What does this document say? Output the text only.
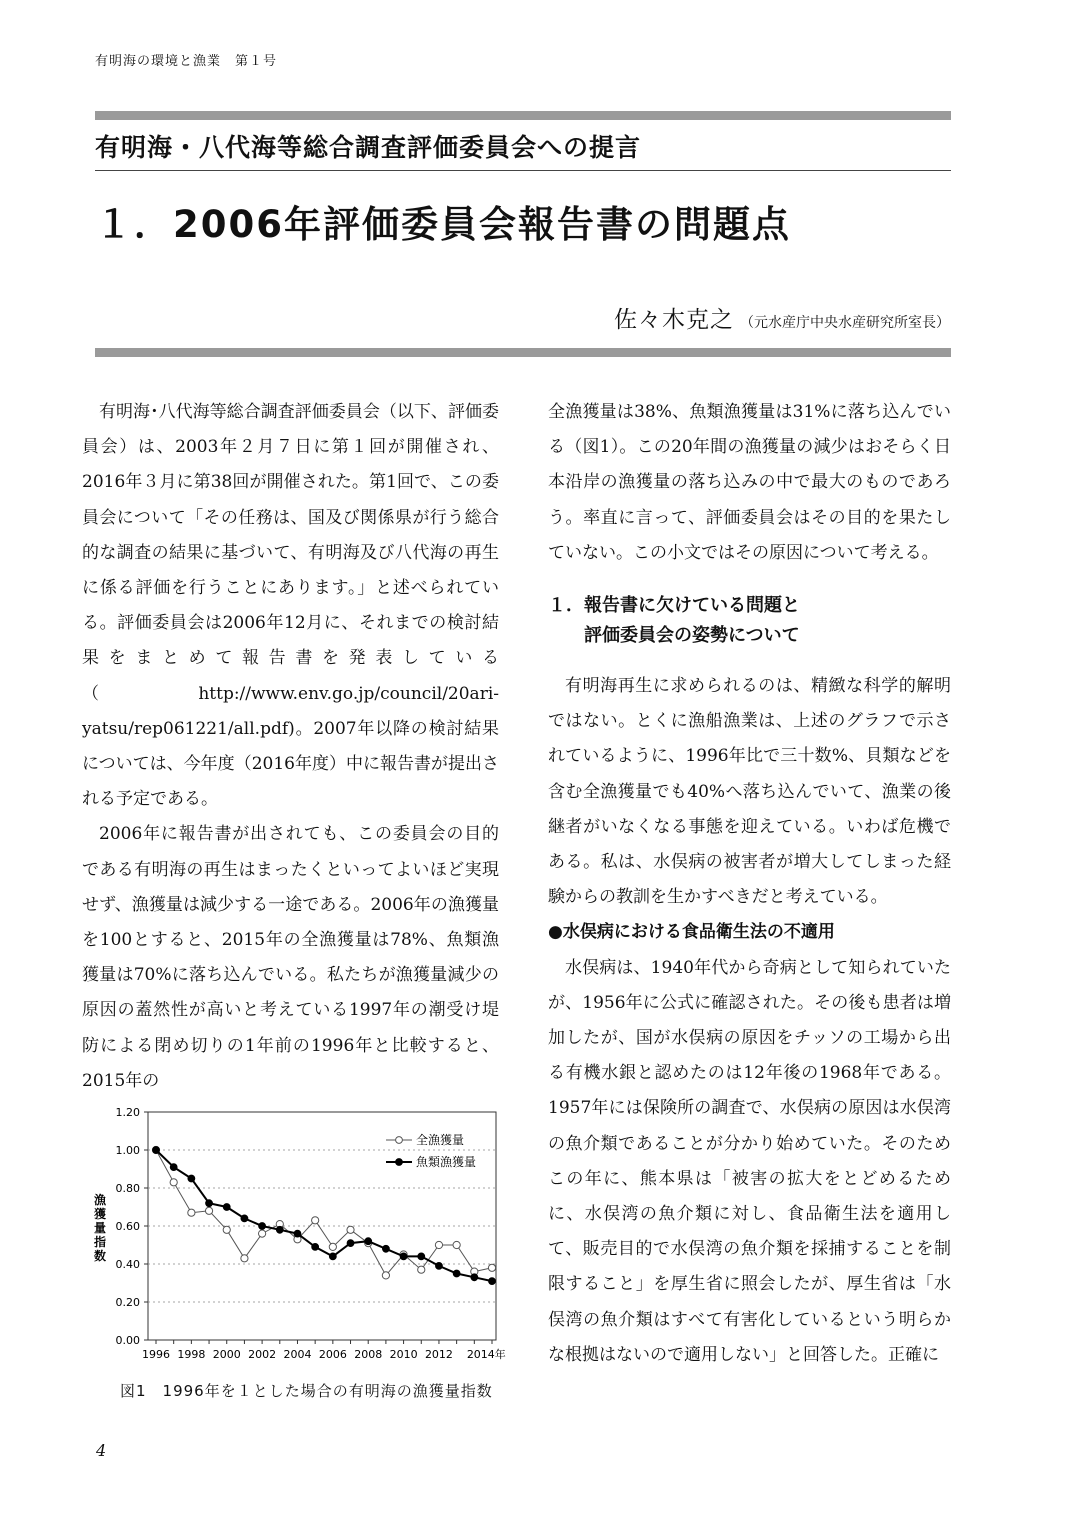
有明海の環境と漁業　第１号
有明海・八代海等総合調査評価委員会への提言
１．2006年評価委員会報告書の問題点
佐々木克之 （元水産庁中央水産研究所室長）

有明海･八代海等総合調査評価委員会（以下、評価委員会）は、2003年２月７日に第１回が開催され、2016年３月に第38回が開催された。第1回で、この委員会について「その任務は、国及び関係県が行う総合的な調査の結果に基づいて、有明海及び八代海の再生に係る評価を行うことにあります。」と述べられている。評価委員会は2006年12月に、それまでの検討結果をまとめて報告書を発表している（http://www.env.go.jp/council/20ari-yatsu/rep061221/all.pdf)。2007年以降の検討結果については、今年度（2016年度）中に報告書が提出される予定である。

2006年に報告書が出されても、この委員会の目的である有明海の再生はまったくといってよいほど実現せず、漁獲量は減少する一途である。2006年の漁獲量を100とすると、2015年の全漁獲量は78%、魚類漁獲量は70%に落ち込んでいる。私たちが漁獲量減少の原因の蓋然性が高いと考えている1997年の潮受け堤防による閉め切りの1年前の1996年と比較すると、2015年の

全漁獲量は38%、魚類漁獲量は31%に落ち込んでいる（図1）。この20年間の漁獲量の減少はおそらく日本沿岸の漁獲量の落ち込みの中で最大のものであろう。率直に言って、評価委員会はその目的を果たしていない。この小文ではその原因について考える。

１．報告書に欠けている問題と
評価委員会の姿勢について

有明海再生に求められるのは、精緻な科学的解明ではない。とくに漁船漁業は、上述のグラフで示されているように、1996年比で三十数%、貝類などを含む全漁獲量でも40%へ落ち込んでいて、漁業の後継者がいなくなる事態を迎えている。いわば危機である。私は、水俣病の被害者が増大してしまった経験からの教訓を生かすべきだと考えている。

●水俣病における食品衛生法の不適用

水俣病は、1940年代から奇病として知られていたが、1956年に公式に確認された。その後も患者は増加したが、国が水俣病の原因をチッソの工場から出る有機水銀と認めたのは12年後の1968年である。1957年には保険所の調査で、水俣病の原因は水俣湾の魚介類であることが分かり始めていた。そのためこの年に、熊本県は「被害の拡大をとどめるために、水俣湾の魚介類に対し、食品衛生法を適用して、販売目的で水俣湾の魚介類を採捕することを制限すること」を厚生省に照会したが、厚生省は「水俣湾の魚介類はすべて有害化しているという明らかな根拠はないので適用しない」と回答した。正確に

0.00
0.20
0.40
0.60
0.80
1.00
1.20
漁
獲
量
指
数
1996 1998 2000 2002 2004 2006 2008 2010 2012 2014年
全漁獲量
魚類漁獲量
図1　1996年を１とした場合の有明海の漁獲量指数
4
